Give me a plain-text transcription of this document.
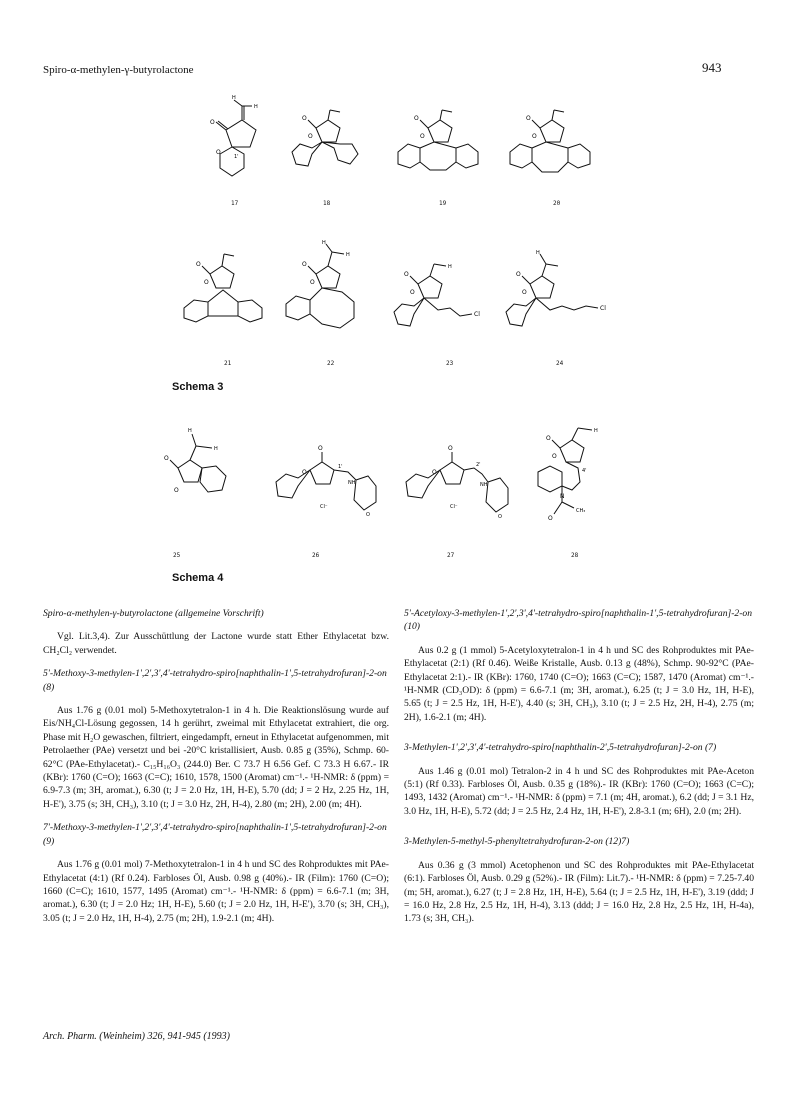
Spiro-α-methylen-γ-butyrolactone	943
O
O
H
H
1'
O
O
O
O
O
O
17	18	19	20
O
O
O
O
H
H
O
O
Cl
H
O
O
Cl
H
21	22	23	24
Schema 3
O
O
H
H	O
O
NH
O
Cl⁻
1'
O
O
NH
O
Cl⁻
2'
O
O
N
O
CH₃
H
4'
25	26	27	28
Schema 4

Spiro-α-methylen-γ-butyrolactone (allgemeine Vorschrift)

Vgl. Lit.3,4). Zur Ausschüttlung der Lactone wurde statt Ether Ethylacetat bzw. CH₂Cl₂ verwendet.

5'-Methoxy-3-methylen-1',2',3',4'-tetrahydro-spiro[naphthalin-1',5-tetrahydrofuran]-2-on (8)

Aus 1.76 g (0.01 mol) 5-Methoxytetralon-1 in 4 h. Die Reaktionslösung wurde auf Eis/NH₄Cl-Lösung gegossen, 14 h gerührt, zweimal mit Ethylacetat extrahiert, die org. Phase mit H₂O gewaschen, filtriert, eingedampft, erneut in Ethylacetat aufgenommen, mit Petrolaether (PAe) versetzt und bei -20°C kristallisiert, Ausb. 0.85 g (35%), Schmp. 60-62°C (PAe-Ethylacetat).- C₁₅H₁₆O₃ (244.0) Ber. C 73.7 H 6.56 Gef. C 73.3 H 6.67.- IR (KBr): 1760 (C=O); 1663 (C=C); 1610, 1578, 1500 (Aromat) cm⁻¹.- ¹H-NMR: δ (ppm) = 6.9-7.3 (m; 3H, aromat.), 6.30 (t; J = 2.0 Hz, 1H, H-E), 5.70 (dd; J = 2 Hz, 2.25 Hz, 1H, H-E'), 3.75 (s; 3H, CH₃), 3.10 (t; J = 3.0 Hz, 2H, H-4), 2.80 (m; 2H), 2.00 (m; 4H).

7'-Methoxy-3-methylen-1',2',3',4'-tetrahydro-spiro[naphthalin-1',5-tetrahydrofuran]-2-on (9)

Aus 1.76 g (0.01 mol) 7-Methoxytetralon-1 in 4 h und SC des Rohproduktes mit PAe-Ethylacetat (4:1) (Rf 0.24). Farbloses Öl, Ausb. 0.98 g (40%).- IR (Film): 1760 (C=O); 1660 (C=C); 1610, 1577, 1495 (Aromat) cm⁻¹.- ¹H-NMR: δ (ppm) = 6.6-7.1 (m; 3H, aromat.), 6.30 (t; J = 2.0 Hz; 1H, H-E), 5.60 (t; J = 2.0 Hz, 1H, H-E'), 3.70 (s; 3H, CH₃), 3.05 (t; J = 2.0 Hz, 1H, H-4), 2.75 (m; 2H), 1.9-2.1 (m; 4H).

5'-Acetyloxy-3-methylen-1',2',3',4'-tetrahydro-spiro[naphthalin-1',5-tetrahydrofuran]-2-on (10)

Aus 0.2 g (1 mmol) 5-Acetyloxytetralon-1 in 4 h und SC des Rohproduktes mit PAe-Ethylacetat (2:1) (Rf 0.46). Weiße Kristalle, Ausb. 0.13 g (48%), Schmp. 90-92°C (PAe-Ethylacetat 2:1).- IR (KBr): 1760, 1740 (C=O); 1663 (C=C); 1587, 1470 (Aromat) cm⁻¹.- ¹H-NMR (CD₃OD): δ (ppm) = 6.6-7.1 (m; 3H, aromat.), 6.25 (t; J = 3.0 Hz, 1H, H-E), 5.65 (t; J = 2.5 Hz, 1H, H-E'), 4.40 (s; 3H, CH₃), 3.10 (t; J = 2.5 Hz, 2H, H-4), 2.75 (m; 2H), 1.6-2.1 (m; 4H).

3-Methylen-1',2',3',4'-tetrahydro-spiro[naphthalin-2',5-tetrahydrofuran]-2-on (7)

Aus 1.46 g (0.01 mol) Tetralon-2 in 4 h und SC des Rohproduktes mit PAe-Aceton (5:1) (Rf 0.33). Farbloses Öl, Ausb. 0.35 g (18%).- IR (KBr): 1760 (C=O); 1663 (C=C); 1493, 1432 (Aromat) cm⁻¹.- ¹H-NMR: δ (ppm) = 7.1 (m; 4H, aromat.), 6.2 (dd; J = 3.1 Hz, 3.0 Hz, 1H, H-E), 5.72 (dd; J = 2.5 Hz, 2.4 Hz, 1H, H-E'), 2.8-3.1 (m; 6H), 2.0 (m; 2H).

3-Methylen-5-methyl-5-phenyltetrahydrofuran-2-on (12)7)

Aus 0.36 g (3 mmol) Acetophenon und SC des Rohproduktes mit PAe-Ethylacetat (6:1). Farbloses Öl, Ausb. 0.29 g (52%).- IR (Film): Lit.7).- ¹H-NMR: δ (ppm) = 7.25-7.40 (m; 5H, aromat.), 6.27 (t; J = 2.8 Hz, 1H, H-E), 5.64 (t; J = 2.5 Hz, 1H, H-E'), 3.19 (ddd; J = 16.0 Hz, 2.8 Hz, 2.5 Hz, 1H, H-4), 3.13 (ddd; J = 16.0 Hz, 2.8 Hz, 2.5 Hz, 1H, H-4a), 1.73 (s; 3H, CH₃).

Arch. Pharm. (Weinheim) 326, 941-945 (1993)
